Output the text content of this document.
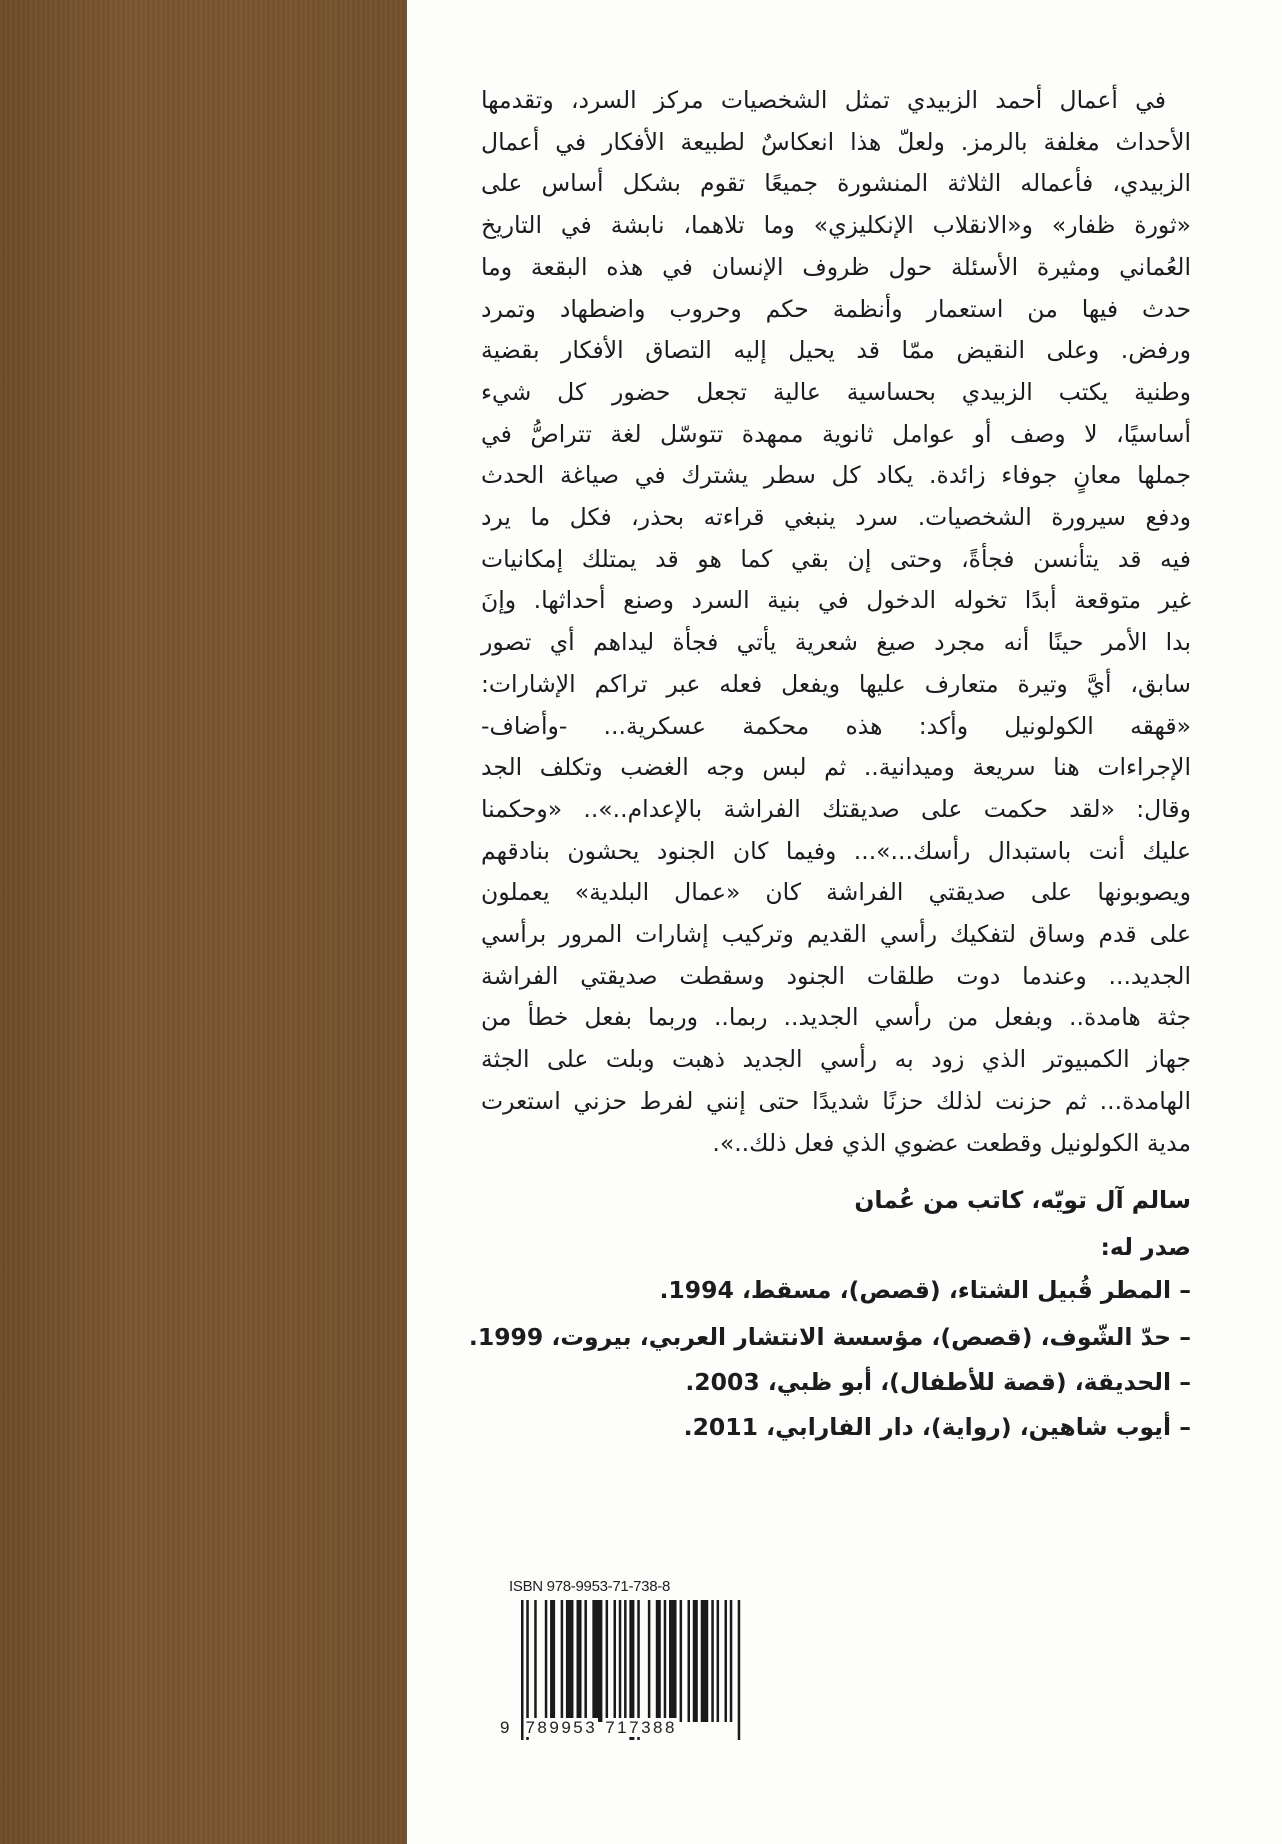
في أعمال أحمد الزبيدي تمثل الشخصيات مركز السرد، وتقدمها
الأحداث مغلفة بالرمز. ولعلّ هذا انعكاسٌ لطبيعة الأفكار في أعمال
الزبيدي، فأعماله الثلاثة المنشورة جميعًا تقوم بشكل أساس على
«ثورة ظفار» و«الانقلاب الإنكليزي» وما تلاهما، نابشة في التاريخ
العُماني ومثيرة الأسئلة حول ظروف الإنسان في هذه البقعة وما
حدث فيها من استعمار وأنظمة حكم وحروب واضطهاد وتمرد
ورفض. وعلى النقيض ممّا قد يحيل إليه التصاق الأفكار بقضية
وطنية يكتب الزبيدي بحساسية عالية تجعل حضور كل شيء
أساسيًا، لا وصف أو عوامل ثانوية ممهدة تتوسّل لغة تتراصُّ في
جملها معانٍ جوفاء زائدة. يكاد كل سطر يشترك في صياغة الحدث
ودفع سيرورة الشخصيات. سرد ينبغي قراءته بحذر، فكل ما يرد
فيه قد يتأنسن فجأةً، وحتى إن بقي كما هو قد يمتلك إمكانيات
غير متوقعة أبدًا تخوله الدخول في بنية السرد وصنع أحداثها. وإنَ
بدا الأمر حينًا أنه مجرد صيغ شعرية يأتي فجأة ليداهم أي تصور
سابق، أيَّ وتيرة متعارف عليها ويفعل فعله عبر تراكم الإشارات:
«قهقه الكولونيل وأكد: هذه محكمة عسكرية... -وأضاف-
الإجراءات هنا سريعة وميدانية.. ثم لبس وجه الغضب وتكلف الجد
وقال: «لقد حكمت على صديقتك الفراشة بالإعدام..».. «وحكمنا
عليك أنت باستبدال رأسك...»... وفيما كان الجنود يحشون بنادقهم
ويصوبونها على صديقتي الفراشة كان «عمال البلدية» يعملون
على قدم وساق لتفكيك رأسي القديم وتركيب إشارات المرور برأسي
الجديد... وعندما دوت طلقات الجنود وسقطت صديقتي الفراشة
جثة هامدة.. وبفعل من رأسي الجديد.. ربما.. وربما بفعل خطأ من
جهاز الكمبيوتر الذي زود به رأسي الجديد ذهبت وبلت على الجثة
الهامدة... ثم حزنت لذلك حزنًا شديدًا حتى إنني لفرط حزني استعرت
مدية الكولونيل وقطعت عضوي الذي فعل ذلك..».
سالم آل تويّه، كاتب من عُمان
صدر له:
– المطر قُبيل الشتاء، (قصص)، مسقط، 1994.
– حدّ الشّوف، (قصص)، مؤسسة الانتشار العربي، بيروت، 1999.
– الحديقة، (قصة للأطفال)، أبو ظبي، 2003.
– أيوب شاهين، (رواية)، دار الفارابي، 2011.
ISBN 978-9953-71-738-8
9 789953 717388
